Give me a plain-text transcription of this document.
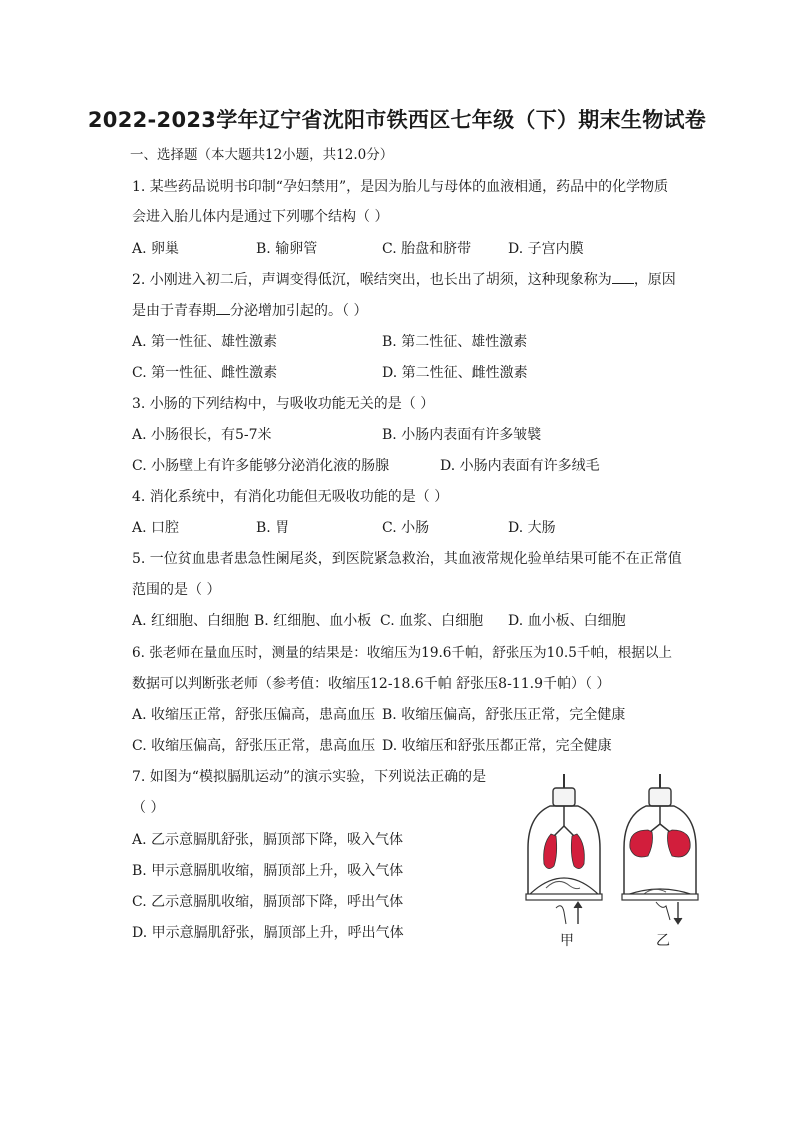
2022-2023学年辽宁省沈阳市铁西区七年级（下）期末生物试卷
一、选择题（本大题共12小题，共12.0分）
1. 某些药品说明书印制“孕妇禁用”，是因为胎儿与母体的血液相通，药品中的化学物质
会进入胎儿体内是通过下列哪个结构（ ）
A. 卵巢	B. 输卵管	C. 胎盘和脐带	D. 子宫内膜
2. 小刚进入初二后，声调变得低沉，喉结突出，也长出了胡须，这种现象称为 ，原因
是由于青春期 分泌增加引起的。（ ）
A. 第一性征、雄性激素	B. 第二性征、雄性激素
C. 第一性征、雌性激素	D. 第二性征、雌性激素
3. 小肠的下列结构中，与吸收功能无关的是（ ）
A. 小肠很长，有5-7米	B. 小肠内表面有许多皱襞
C. 小肠壁上有许多能够分泌消化液的肠腺	D. 小肠内表面有许多绒毛
4. 消化系统中，有消化功能但无吸收功能的是（ ）
A. 口腔	B. 胃	C. 小肠	D. 大肠
5. 一位贫血患者患急性阑尾炎，到医院紧急救治，其血液常规化验单结果可能不在正常值
范围的是（ ）
A. 红细胞、白细胞 B. 红细胞、血小板 C. 血浆、白细胞 D. 血小板、白细胞
6. 张老师在量血压时，测量的结果是：收缩压为19.6千帕，舒张压为10.5千帕，根据以上
数据可以判断张老师（参考值：收缩压12-18.6千帕 舒张压8-11.9千帕）（ ）
A. 收缩压正常，舒张压偏高，患高血压 B. 收缩压偏高，舒张压正常，完全健康
C. 收缩压偏高，舒张压正常，患高血压 D. 收缩压和舒张压都正常，完全健康
7. 如图为“模拟膈肌运动”的演示实验，下列说法正确的是
（ ）
A. 乙示意膈肌舒张，膈顶部下降，吸入气体
B. 甲示意膈肌收缩，膈顶部上升，吸入气体
C. 乙示意膈肌收缩，膈顶部下降，呼出气体
D. 甲示意膈肌舒张，膈顶部上升，呼出气体	甲	乙
